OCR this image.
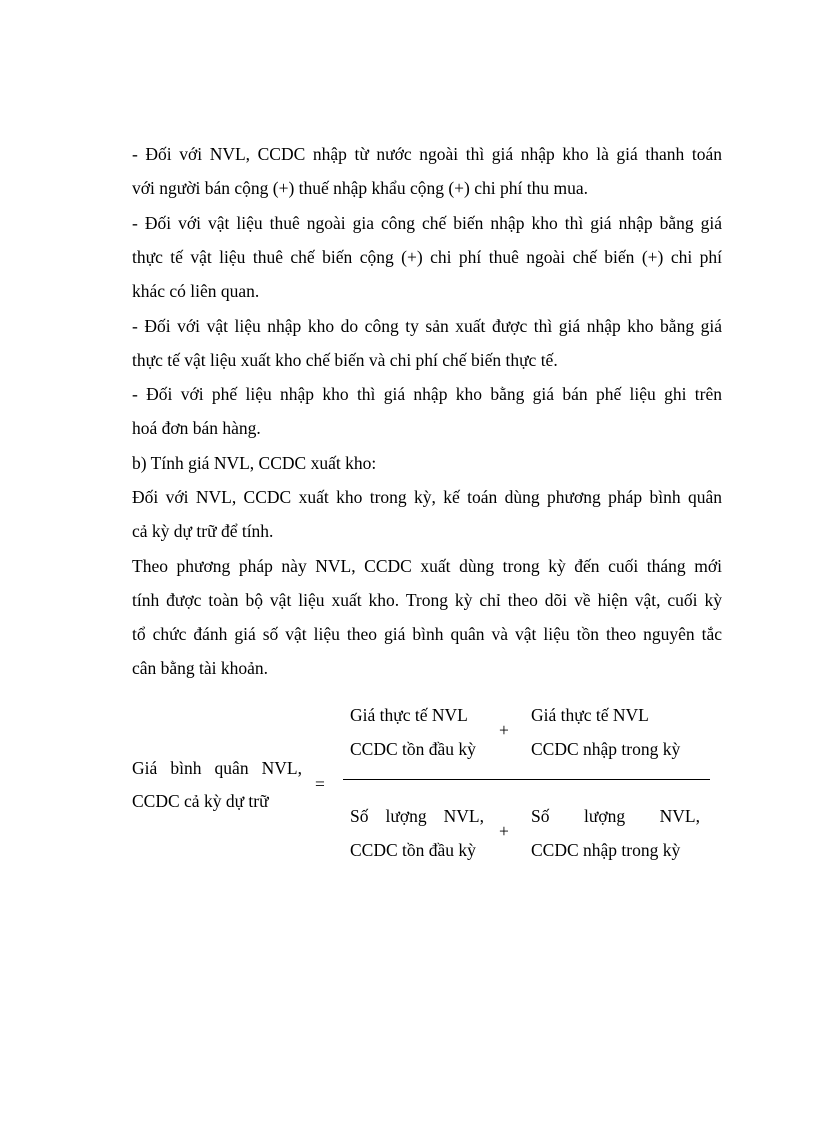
- Đối với NVL, CCDC nhập từ nước ngoài thì giá nhập kho là giá thanh toán
với người bán cộng (+) thuế nhập khẩu cộng (+) chi phí thu mua.
- Đối với vật liệu thuê ngoài gia công chế biến nhập kho thì giá nhập bằng giá
thực tế vật liệu thuê chế biến cộng (+) chi phí thuê ngoài chế biến (+) chi phí
khác có liên quan.
- Đối với vật liệu nhập kho do công ty sản xuất được thì giá nhập kho bằng giá
thực tế vật liệu xuất kho chế biến và chi phí chế biến thực tế.
- Đối với phế liệu nhập kho thì giá nhập kho bằng giá bán phế liệu ghi trên
hoá đơn bán hàng.
b) Tính giá NVL, CCDC xuất kho:
Đối với NVL, CCDC xuất kho trong kỳ, kế toán dùng phương pháp bình quân
cả kỳ dự trữ để tính.
Theo phương pháp này NVL, CCDC xuất dùng trong kỳ đến cuối tháng mới
tính được toàn bộ vật liệu xuất kho. Trong kỳ chỉ theo dõi về hiện vật, cuối kỳ
tổ chức đánh giá số vật liệu theo giá bình quân và vật liệu tồn theo nguyên tắc
cân bằng tài khoản.
Giá bình quân NVL,
CCDC cả kỳ dự trữ
=
Giá thực tế NVL
CCDC tồn đầu kỳ
+
Giá thực tế NVL
CCDC nhập trong kỳ
Số lượng NVL,
CCDC tồn đầu kỳ
+
Số lượng NVL,
CCDC nhập trong kỳ
